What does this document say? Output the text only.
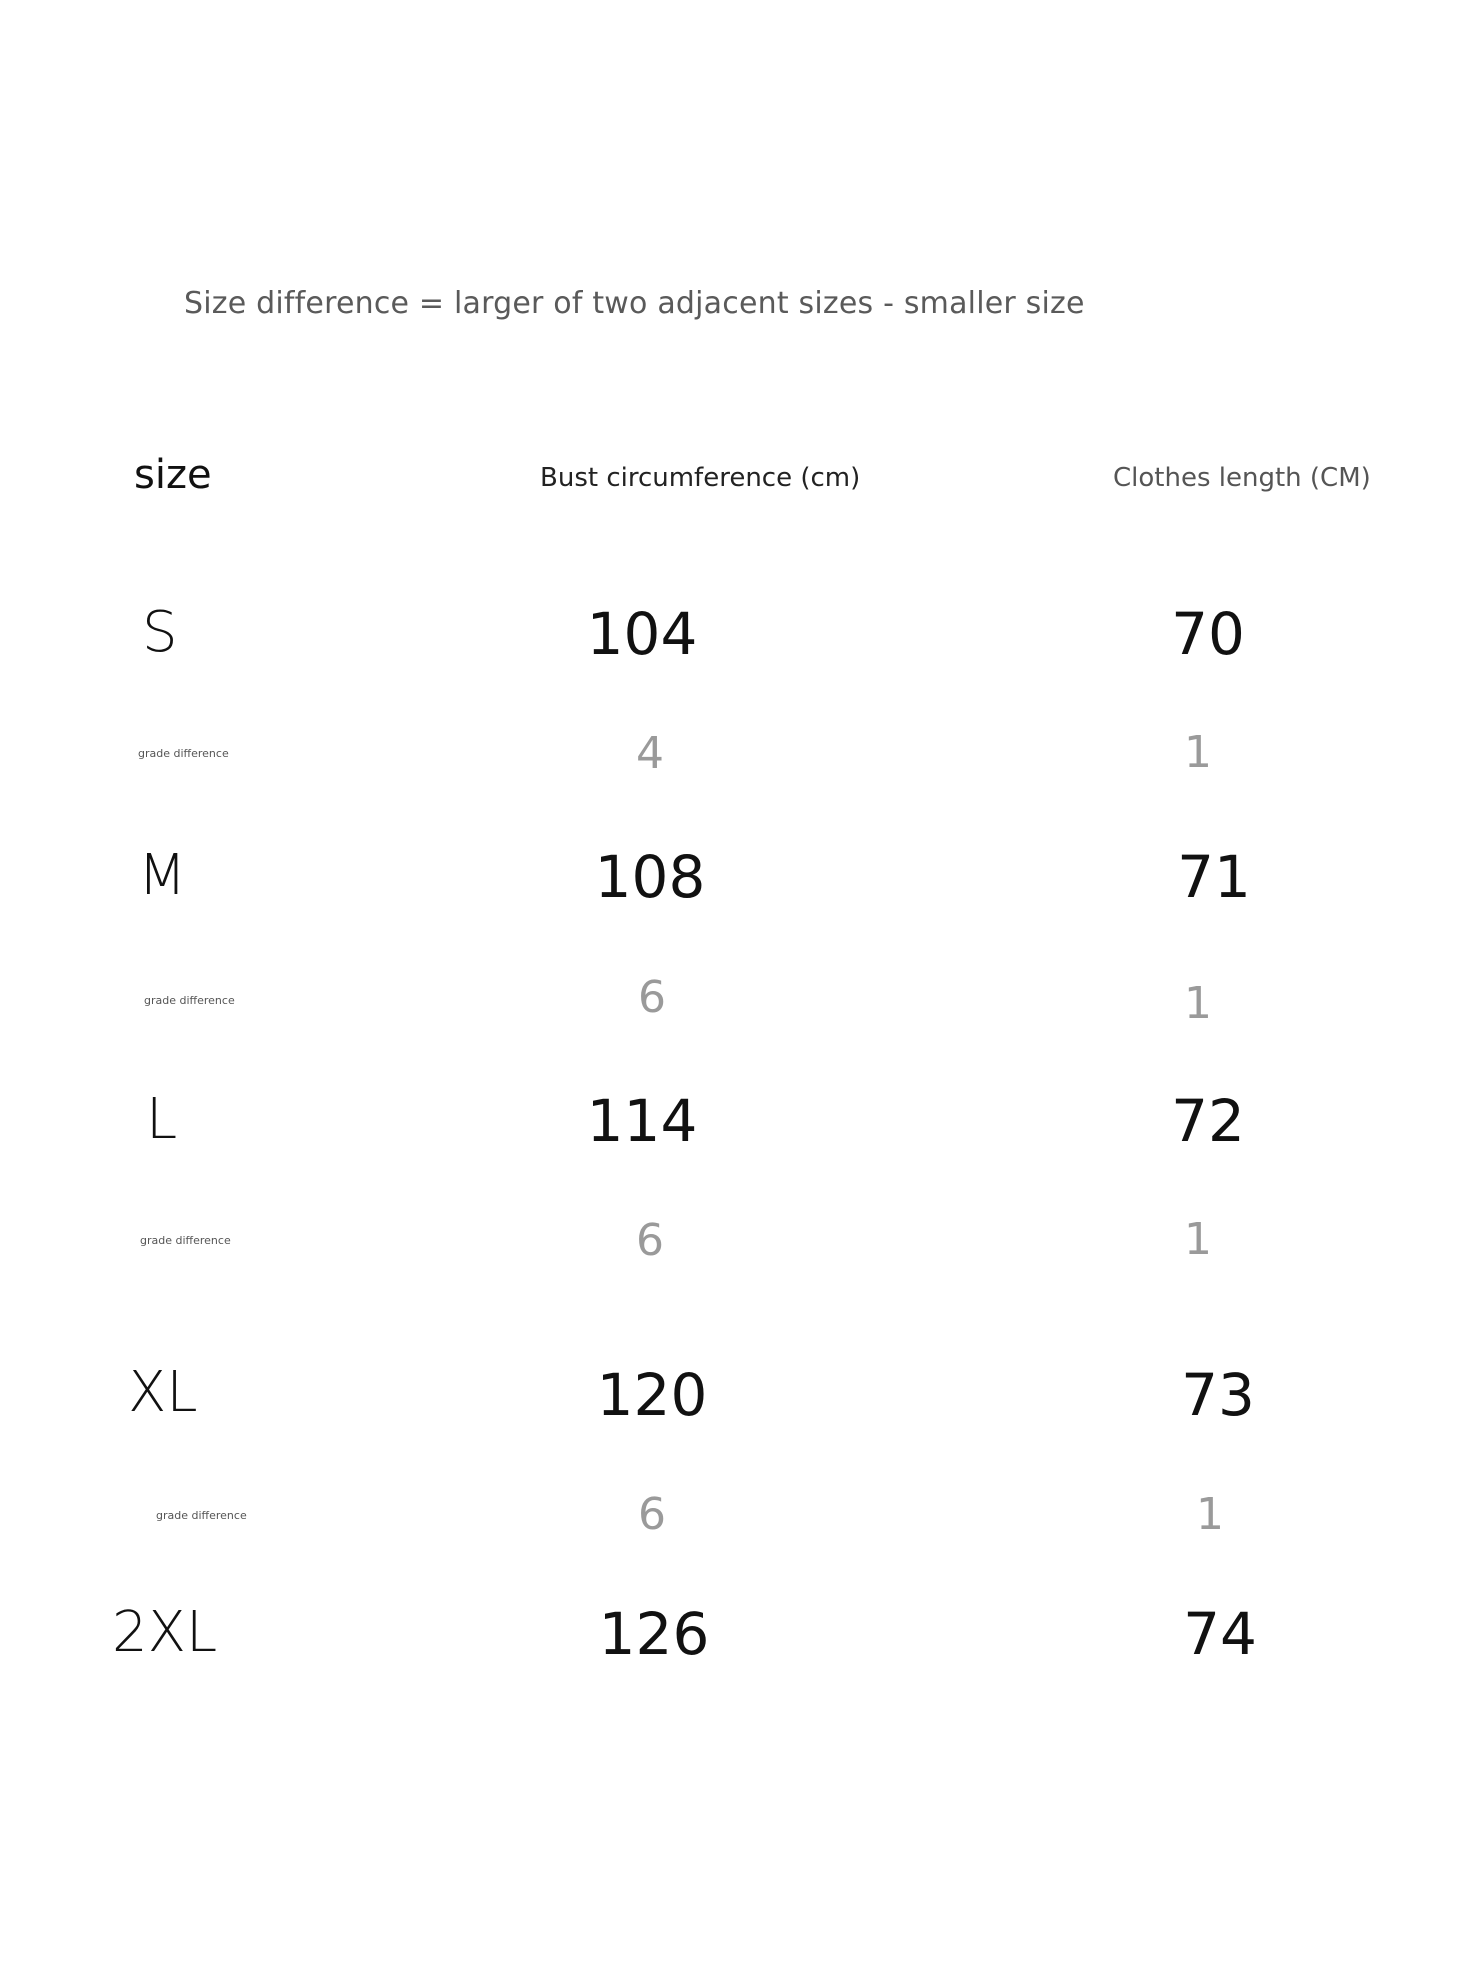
Size difference = larger of two adjacent sizes - smaller size
size	Bust circumference (cm)	Clothes length (CM)
S	104	70
grade difference	4	1
M	108	71
grade difference	6	1
L	114	72
grade difference	6	1
XL	120	73
grade difference	6	1
2XL	126	74
